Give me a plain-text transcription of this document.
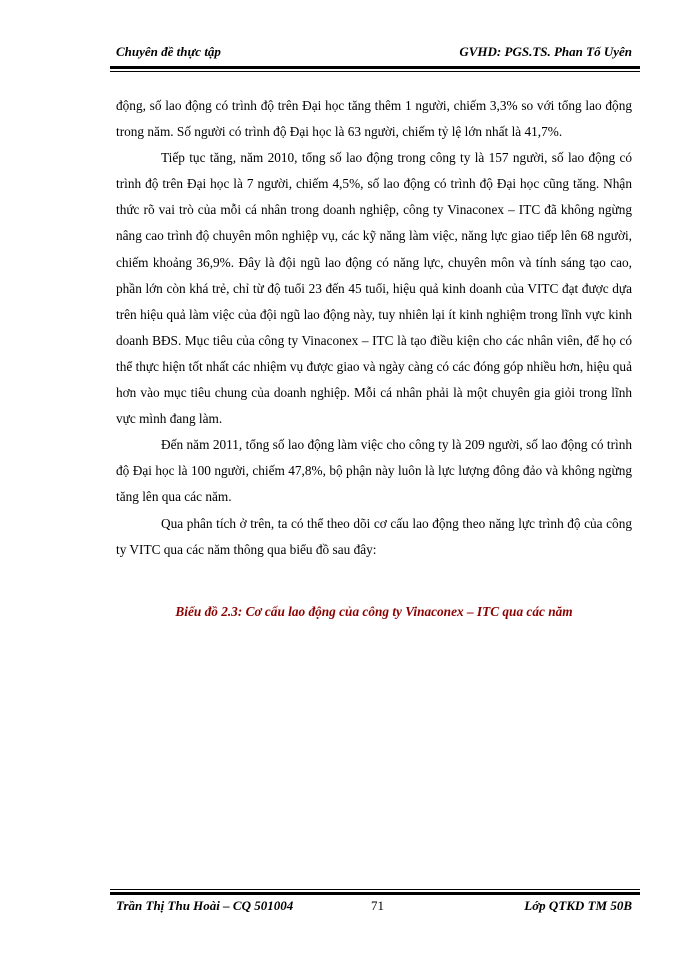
Chuyên đề thực tập	GVHD: PGS.TS. Phan Tố Uyên

động, số lao động có trình độ trên Đại học tăng thêm 1 người, chiếm 3,3% so với tổng lao động trong năm. Số người có trình độ Đại học là 63 người, chiếm tỷ lệ lớn nhất là 41,7%.

Tiếp tục tăng, năm 2010, tổng số lao động trong công ty là 157 người, số lao động có trình độ trên Đại học là 7 người, chiếm 4,5%, số lao động có trình độ Đại học cũng tăng. Nhận thức rõ vai trò của mỗi cá nhân trong doanh nghiệp, công ty Vinaconex – ITC đã không ngừng nâng cao trình độ chuyên môn nghiệp vụ, các kỹ năng làm việc, năng lực giao tiếp lên 68 người, chiếm khoảng 36,9%. Đây là đội ngũ lao động có năng lực, chuyên môn và tính sáng tạo cao, phần lớn còn khá trẻ, chỉ từ độ tuổi 23 đến 45 tuổi, hiệu quả kinh doanh của VITC đạt được dựa trên hiệu quả làm việc của đội ngũ lao động này, tuy nhiên lại ít kinh nghiệm trong lĩnh vực kinh doanh BĐS. Mục tiêu của công ty Vinaconex – ITC là tạo điều kiện cho các nhân viên, để họ có thể thực hiện tốt nhất các nhiệm vụ được giao và ngày càng có các đóng góp nhiều hơn, hiệu quả hơn vào mục tiêu chung của doanh nghiệp. Mỗi cá nhân phải là một chuyên gia giỏi trong lĩnh vực mình đang làm.

Đến năm 2011, tổng số lao động làm việc cho công ty là 209 người, số lao động có trình độ Đại học là 100 người, chiếm 47,8%, bộ phận này luôn là lực lượng đông đảo và không ngừng tăng lên qua các năm.

Qua phân tích ở trên, ta có thể theo dõi cơ cấu lao động theo năng lực trình độ của công ty VITC qua các năm thông qua biểu đồ sau đây:

Biểu đồ 2.3: Cơ cấu lao động của công ty Vinaconex – ITC qua các năm
Trần Thị Thu Hoài – CQ 501004	71	Lớp QTKD TM 50B
